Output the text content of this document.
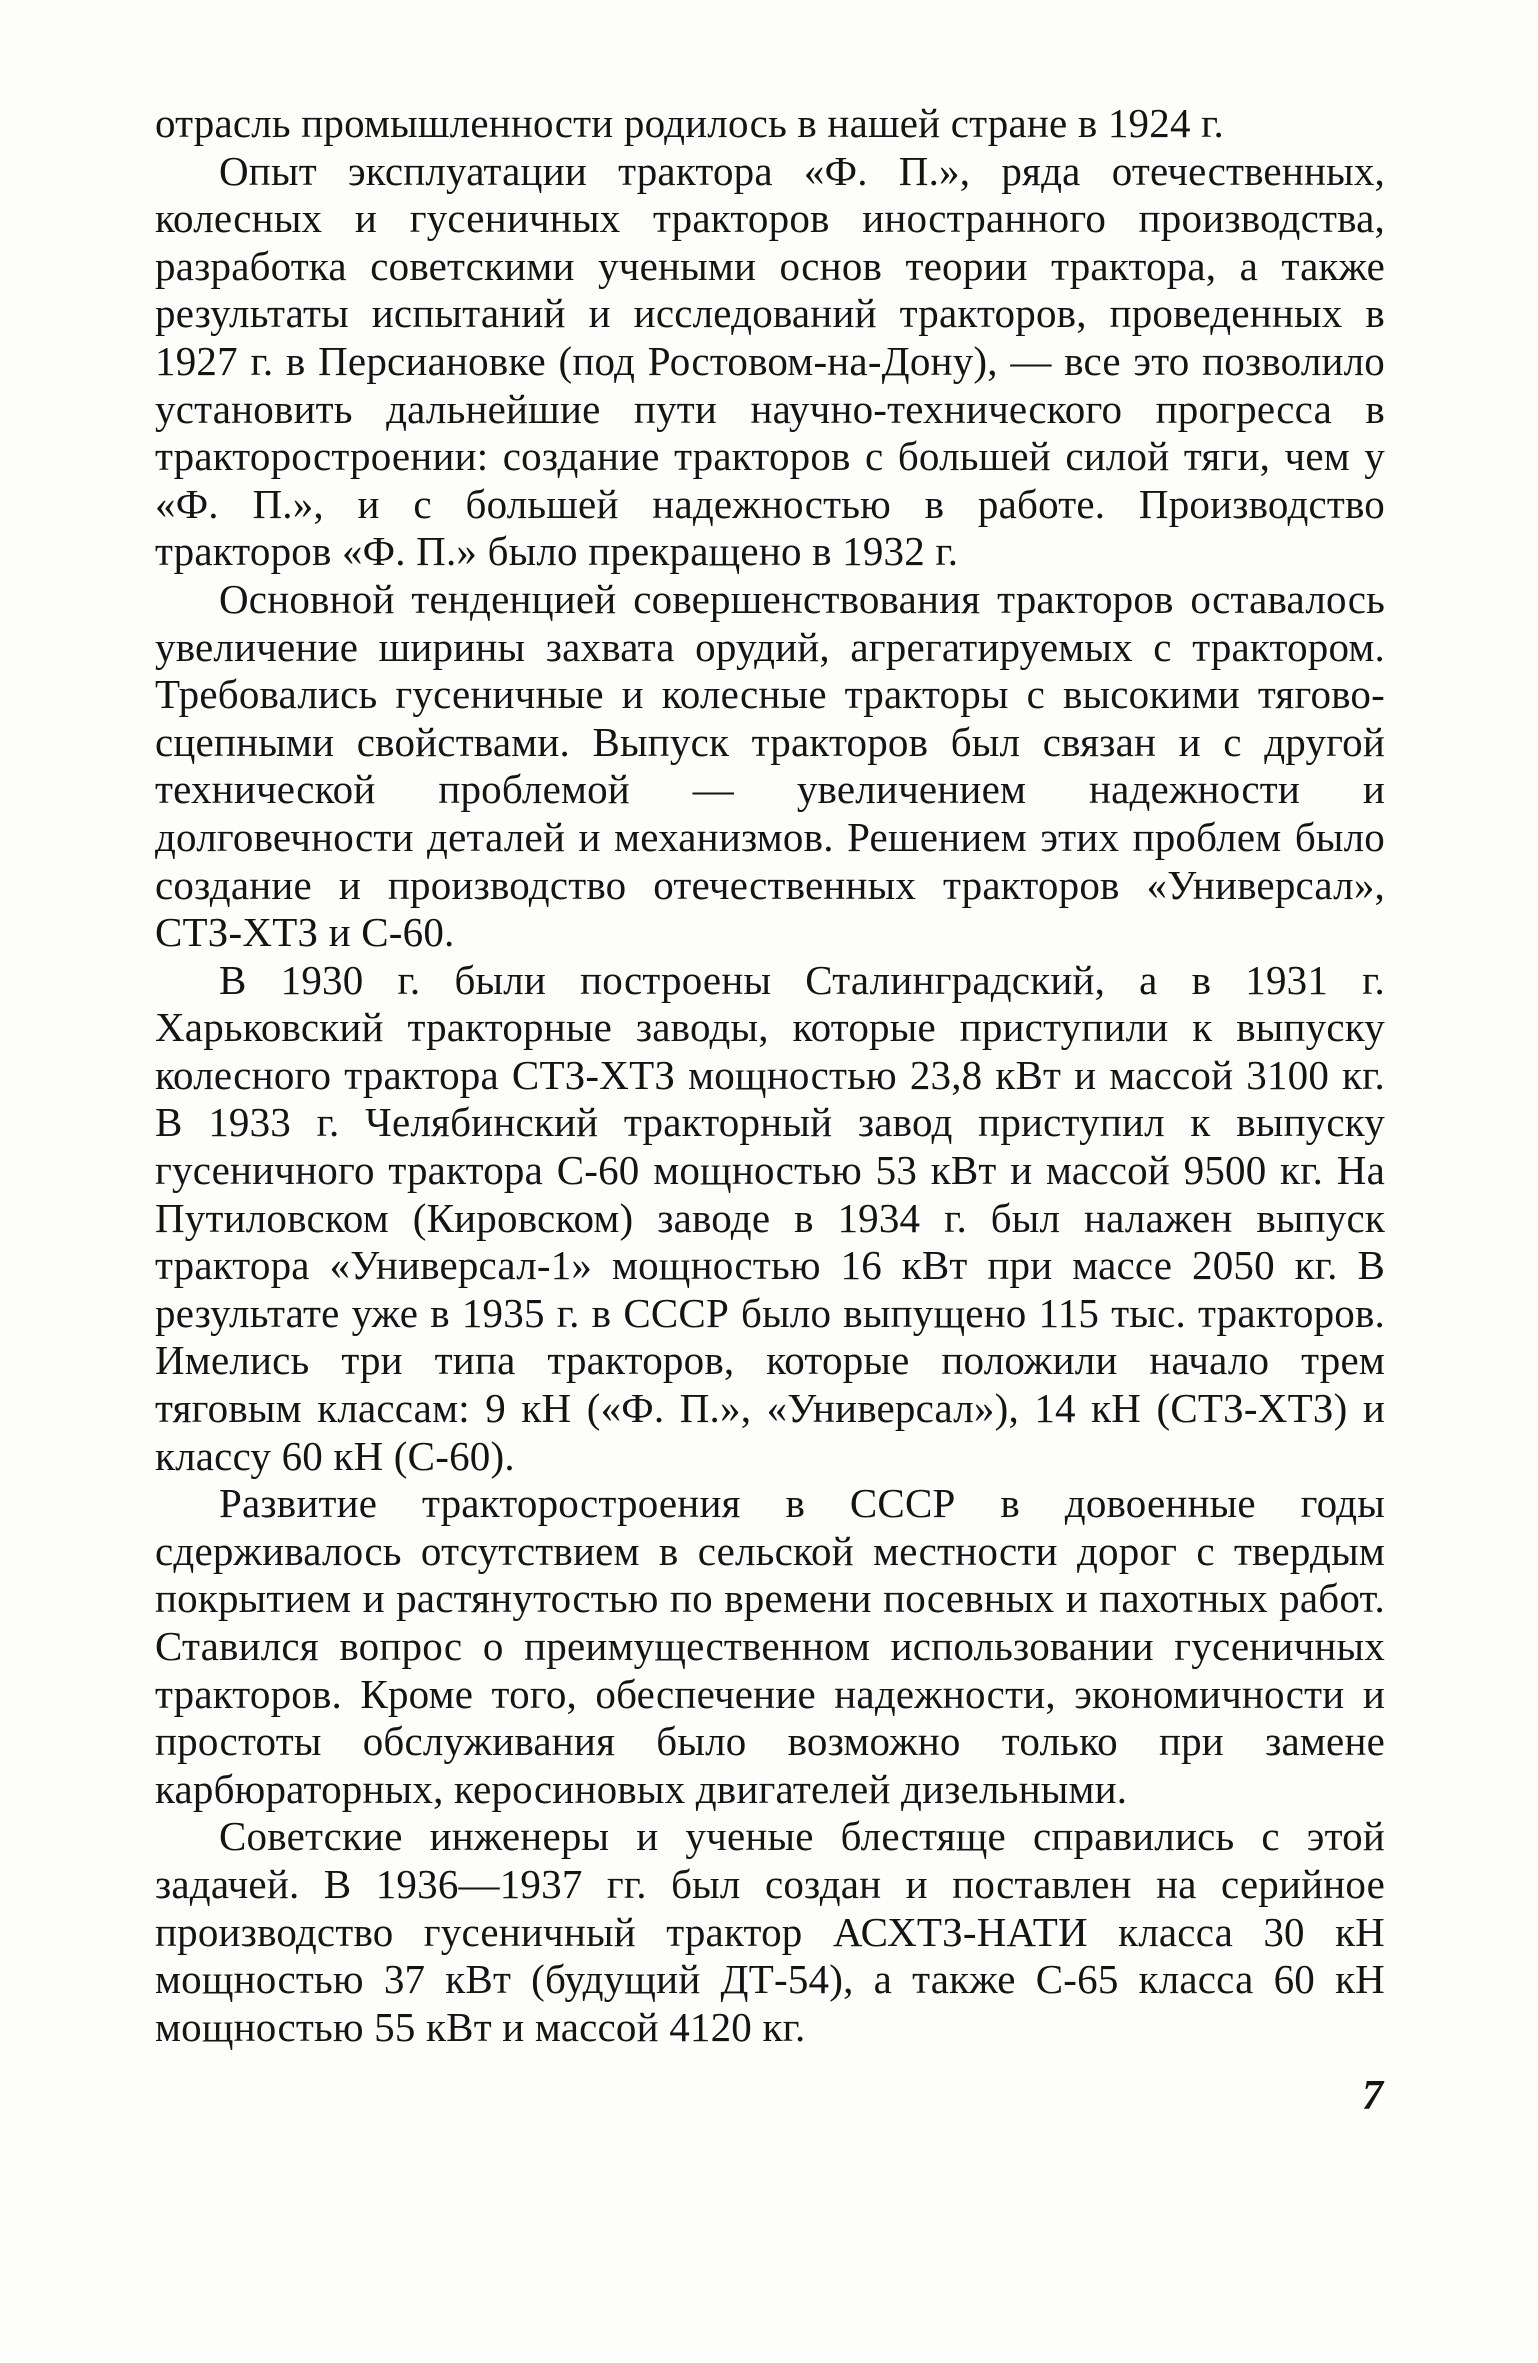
отрасль промышленности родилось в нашей стране в 1924 г.

Опыт эксплуатации трактора «Ф. П.», ряда отечественных, колесных и гусеничных тракторов иностранного производства, разработка советскими учеными основ теории трактора, а также результаты испытаний и исследований тракторов, проведенных в 1927 г. в Персиановке (под Ростовом-на-Дону), — все это позволило установить дальнейшие пути научно-технического прогресса в тракторостроении: создание тракторов с большей силой тяги, чем у «Ф. П.», и с большей надежностью в работе. Производство тракторов «Ф. П.» было прекращено в 1932 г.

Основной тенденцией совершенствования тракторов оставалось увеличение ширины захвата орудий, агрегатируемых с трактором. Требовались гусеничные и колесные тракторы с высокими тягово-сцепными свойствами. Выпуск тракторов был связан и с другой технической проблемой — увеличением надежности и долговечности деталей и механизмов. Решением этих проблем было создание и производство отечественных тракторов «Универсал», СТЗ-ХТЗ и С-60.

В 1930 г. были построены Сталинградский, а в 1931 г. Харьковский тракторные заводы, которые приступили к выпуску колесного трактора СТЗ-ХТЗ мощностью 23,8 кВт и массой 3100 кг. В 1933 г. Челябинский тракторный завод приступил к выпуску гусеничного трактора С-60 мощностью 53 кВт и массой 9500 кг. На Путиловском (Кировском) заводе в 1934 г. был налажен выпуск трактора «Универсал-1» мощностью 16 кВт при массе 2050 кг. В результате уже в 1935 г. в СССР было выпущено 115 тыс. тракторов. Имелись три типа тракторов, которые положили начало трем тяговым классам: 9 кН («Ф. П.», «Универсал»), 14 кН (СТЗ-ХТЗ) и классу 60 кН (С-60).

Развитие тракторостроения в СССР в довоенные годы сдерживалось отсутствием в сельской местности дорог с твердым покрытием и растянутостью по времени посевных и пахотных работ. Ставился вопрос о преимущественном использовании гусеничных тракторов. Кроме того, обеспечение надежности, экономичности и простоты обслуживания было возможно только при замене карбюраторных, керосиновых двигателей дизельными.

Советские инженеры и ученые блестяще справились с этой задачей. В 1936—1937 гг. был создан и поставлен на серийное производство гусеничный трактор АСХТЗ-НАТИ класса 30 кН мощностью 37 кВт (будущий ДТ-54), а также С-65 класса 60 кН мощностью 55 кВт и массой 4120 кг.

7
